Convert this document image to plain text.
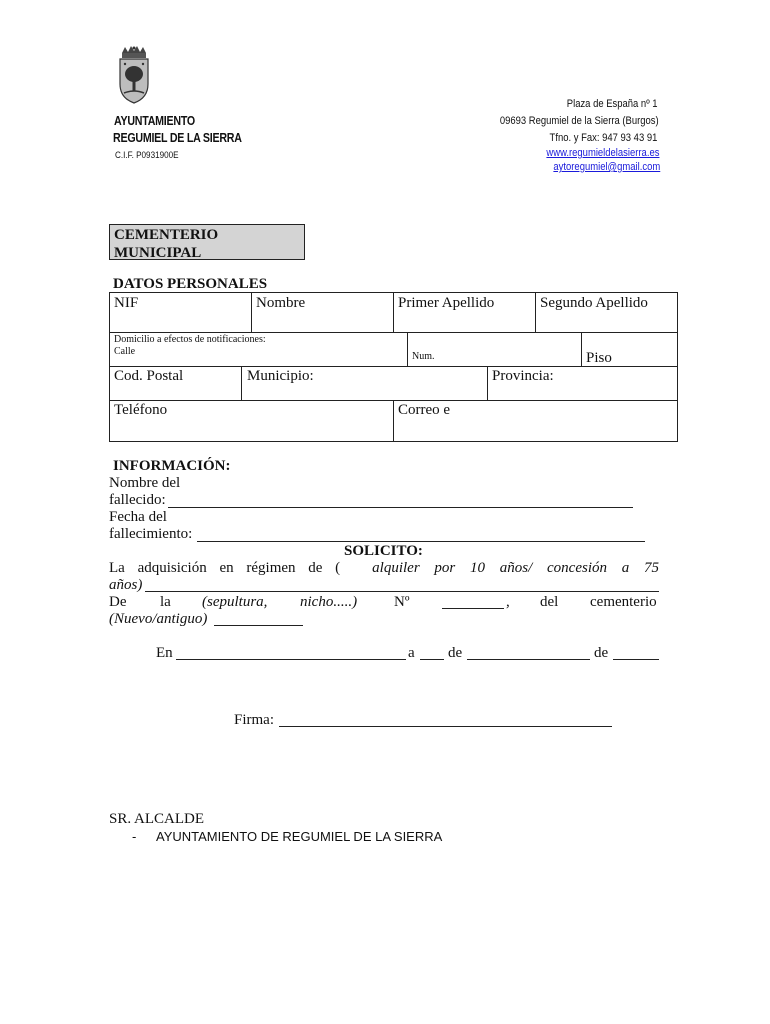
AYUNTAMIENTO
REGUMIEL DE LA SIERRA
C.I.F. P0931900E
Plaza de España nº 1
09693 Regumiel de la Sierra (Burgos)
Tfno. y Fax: 947 93 43 91
www.regumieldelasierra.es
aytoregumiel@gmail.com
CEMENTERIO
MUNICIPAL
DATOS PERSONALES
NIF	Nombre	Primer Apellido	Segundo Apellido
Domicilio a efectos de notificaciones:
Calle	Num.	Piso
Cod. Postal	Municipio:	Provincia:
Teléfono	Correo e
INFORMACIÓN:
Nombre del
fallecido:
Fecha del
fallecimiento:
SOLICITO:
La adquisición en régimen de ( alquiler por 10 años/ concesión a 75
años)
De la (sepultura, nicho.....) Nº	del cementerio
,
(Nuevo/antiguo)
En	a de	de
Firma:
SR. ALCALDE
- AYUNTAMIENTO DE REGUMIEL DE LA SIERRA
